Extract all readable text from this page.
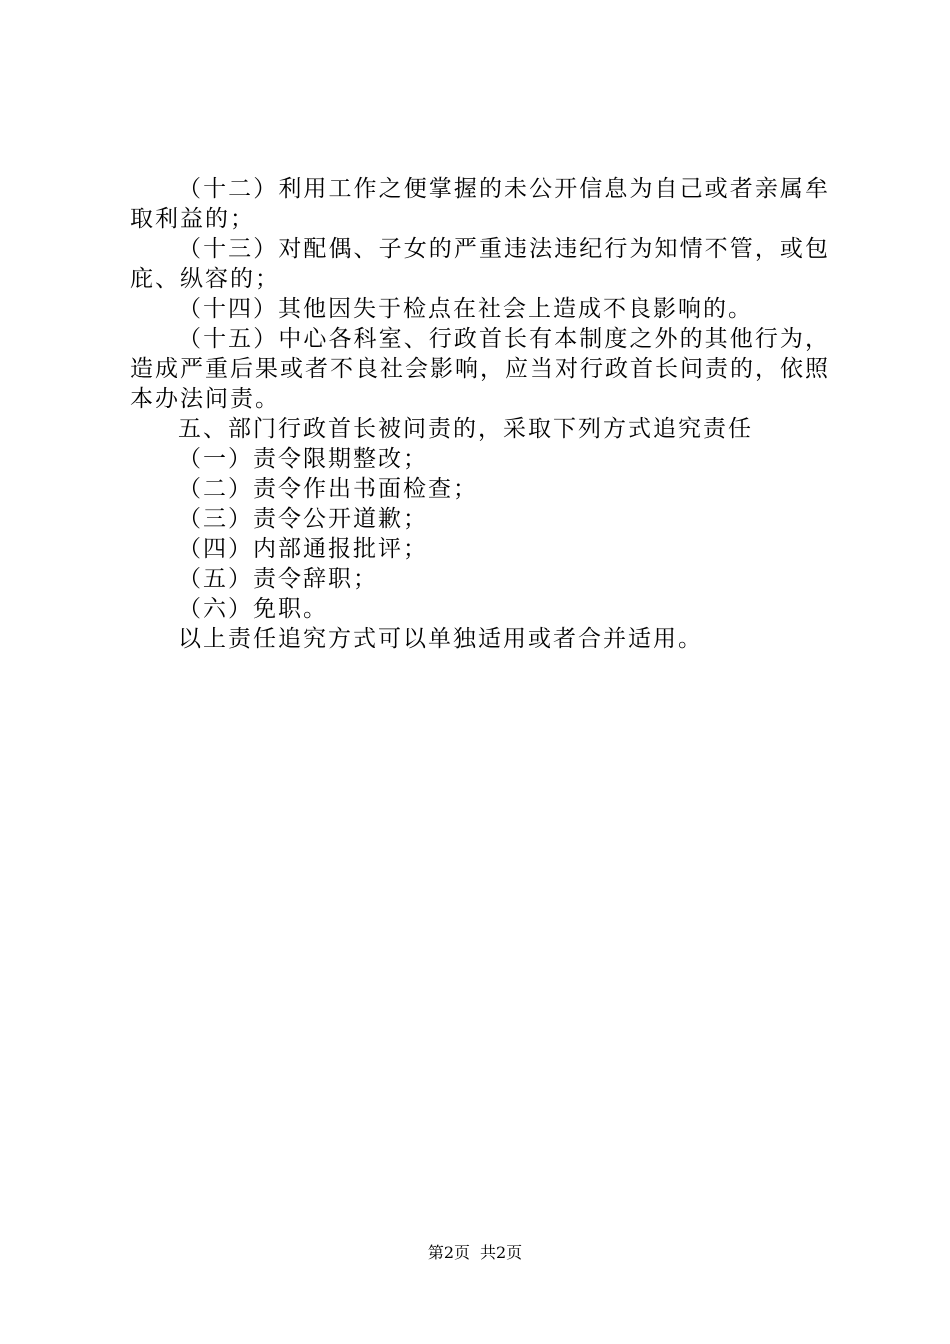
（十二）利用工作之便掌握的未公开信息为自己或者亲属牟取利益的；

（十三）对配偶、子女的严重违法违纪行为知情不管，或包庇、纵容的；

（十四）其他因失于检点在社会上造成不良影响的。

（十五）中心各科室、行政首长有本制度之外的其他行为，造成严重后果或者不良社会影响，应当对行政首长问责的，依照本办法问责。

五、部门行政首长被问责的，采取下列方式追究责任

（一）责令限期整改；

（二）责令作出书面检查；

（三）责令公开道歉；

（四）内部通报批评；

（五）责令辞职；

（六）免职。

以上责任追究方式可以单独适用或者合并适用。

第2页 共2页
